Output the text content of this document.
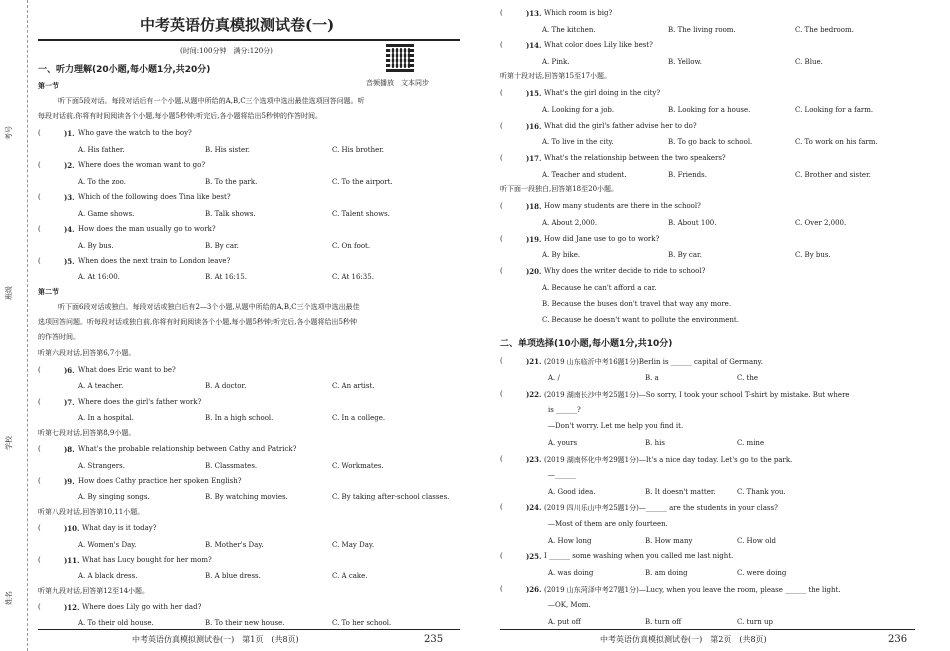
考号
班级
学校
姓名
中考英语仿真模拟测试卷(一)
(时间:100分钟　满分:120分)
音频播放　文本同步
一、听力理解(20小题,每小题1分,共20分)
第一节
听下面5段对话。每段对话后有一个小题,从题中所给的A,B,C三个选项中选出最佳选项回答问题。听
每段对话前,你将有时间阅读各个小题,每小题5秒钟;听完后,各小题将给出5秒钟的作答时间。
(	)1. Who gave the watch to the boy?
A. His father.	B. His sister.	C. His brother.
(	)2. Where does the woman want to go?
A. To the zoo.	B. To the park.	C. To the airport.
(	)3. Which of the following does Tina like best?
A. Game shows.	B. Talk shows.	C. Talent shows.
(	)4. How does the man usually go to work?
A. By bus.	B. By car.	C. On foot.
(	)5. When does the next train to London leave?
A. At 16:00.	B. At 16:15.	C. At 16:35.
第二节
听下面6段对话或独白。每段对话或独白后有2—3个小题,从题中所给的A,B,C三个选项中选出最佳
选项回答问题。听每段对话或独白前,你将有时间阅读各个小题,每小题5秒钟;听完后,各小题将给出5秒钟
的作答时间。
听第六段对话,回答第6,7小题。
(	)6. What does Eric want to be?
A. A teacher.	B. A doctor.	C. An artist.
(	)7. Where does the girl's father work?
A. In a hospital.	B. In a high school.	C. In a college.
听第七段对话,回答第8,9小题。
(	)8. What's the probable relationship between Cathy and Patrick?
A. Strangers.	B. Classmates.	C. Workmates.
(	)9. How does Cathy practice her spoken English?
A. By singing songs.	B. By watching movies.	C. By taking after-school classes.
听第八段对话,回答第10,11小题。
(	)10. What day is it today?
A. Women's Day.	B. Mother's Day.	C. May Day.
(	)11. What has Lucy bought for her mom?
A. A black dress.	B. A blue dress.	C. A cake.
听第九段对话,回答第12至14小题。
(	)12. Where does Lily go with her dad?
A. To their old house.	B. To their new house.	C. To her school.
中考英语仿真模拟测试卷(一)　第1页　(共8页)	235
(	)13. Which room is big?
A. The kitchen.	B. The living room.	C. The bedroom.
(	)14. What color does Lily like best?
A. Pink.	B. Yellow.	C. Blue.
听第十段对话,回答第15至17小题。
(	)15. What's the girl doing in the city?
A. Looking for a job.	B. Looking for a house.	C. Looking for a farm.
(	)16. What did the girl's father advise her to do?
A. To live in the city.	B. To go back to school.	C. To work on his farm.
(	)17. What's the relationship between the two speakers?
A. Teacher and student.	B. Friends.	C. Brother and sister.
听下面一段独白,回答第18至20小题。
(	)18. How many students are there in the school?
A. About 2,000.	B. About 100.	C. Over 2,000.
(	)19. How did Jane use to go to work?
A. By bike.	B. By car.	C. By bus.
(	)20. Why does the writer decide to ride to school?
A. Because he can't afford a car.
B. Because the buses don't travel that way any more.
C. Because he doesn't want to pollute the environment.
二、单项选择(10小题,每小题1分,共10分)
(	)21. (2019 山东临沂中考16题1分)Berlin is ______ capital of Germany.
A. /	B. a	C. the
(	)22. (2019 湖南长沙中考25题1分)—So sorry, I took your school T-shirt by mistake. But where
is ______?
—Don't worry. Let me help you find it.
A. yours	B. his	C. mine
(	)23. (2019 湖南怀化中考29题1分)—It's a nice day today. Let's go to the park.
—______
A. Good idea.	B. It doesn't matter.	C. Thank you.
(	)24. (2019 四川乐山中考25题1分)—______ are the students in your class?
—Most of them are only fourteen.
A. How long	B. How many	C. How old
(	)25. I ______ some washing when you called me last night.
A. was doing	B. am doing	C. were doing
(	)26. (2019 山东菏泽中考27题1分)—Lucy, when you leave the room, please ______ the light.
—OK, Mom.
A. put off	B. turn off	C. turn up
中考英语仿真模拟测试卷(一)　第2页　(共8页)	236
